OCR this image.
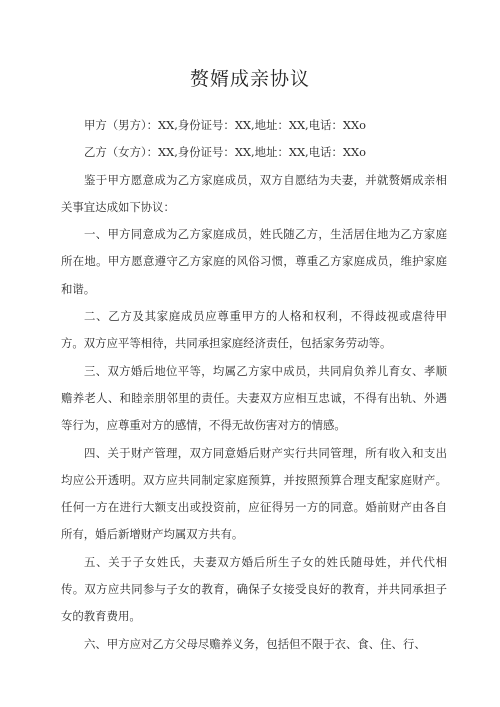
赘婿成亲协议

甲方（男方）：XX,身份证号：XX,地址：XX,电话：XXo

乙方（女方）：XX,身份证号：XX,地址：XX,电话：XXo

鉴于甲方愿意成为乙方家庭成员，双方自愿结为夫妻，并就赘婿成亲相关事宜达成如下协议：

一、甲方同意成为乙方家庭成员，姓氏随乙方，生活居住地为乙方家庭所在地。甲方愿意遵守乙方家庭的风俗习惯，尊重乙方家庭成员，维护家庭和谐。

二、乙方及其家庭成员应尊重甲方的人格和权利，不得歧视或虐待甲方。双方应平等相待，共同承担家庭经济责任，包括家务劳动等。

三、双方婚后地位平等，均属乙方家中成员，共同肩负养儿育女、孝顺赡养老人、和睦亲朋邻里的责任。夫妻双方应相互忠诚，不得有出轨、外遇等行为，应尊重对方的感情，不得无故伤害对方的情感。

四、关于财产管理，双方同意婚后财产实行共同管理，所有收入和支出均应公开透明。双方应共同制定家庭预算，并按照预算合理支配家庭财产。任何一方在进行大额支出或投资前，应征得另一方的同意。婚前财产由各自所有，婚后新增财产均属双方共有。

五、关于子女姓氏，夫妻双方婚后所生子女的姓氏随母姓，并代代相传。双方应共同参与子女的教育，确保子女接受良好的教育，并共同承担子女的教育费用。

六、甲方应对乙方父母尽赡养义务，包括但不限于衣、食、住、行、
